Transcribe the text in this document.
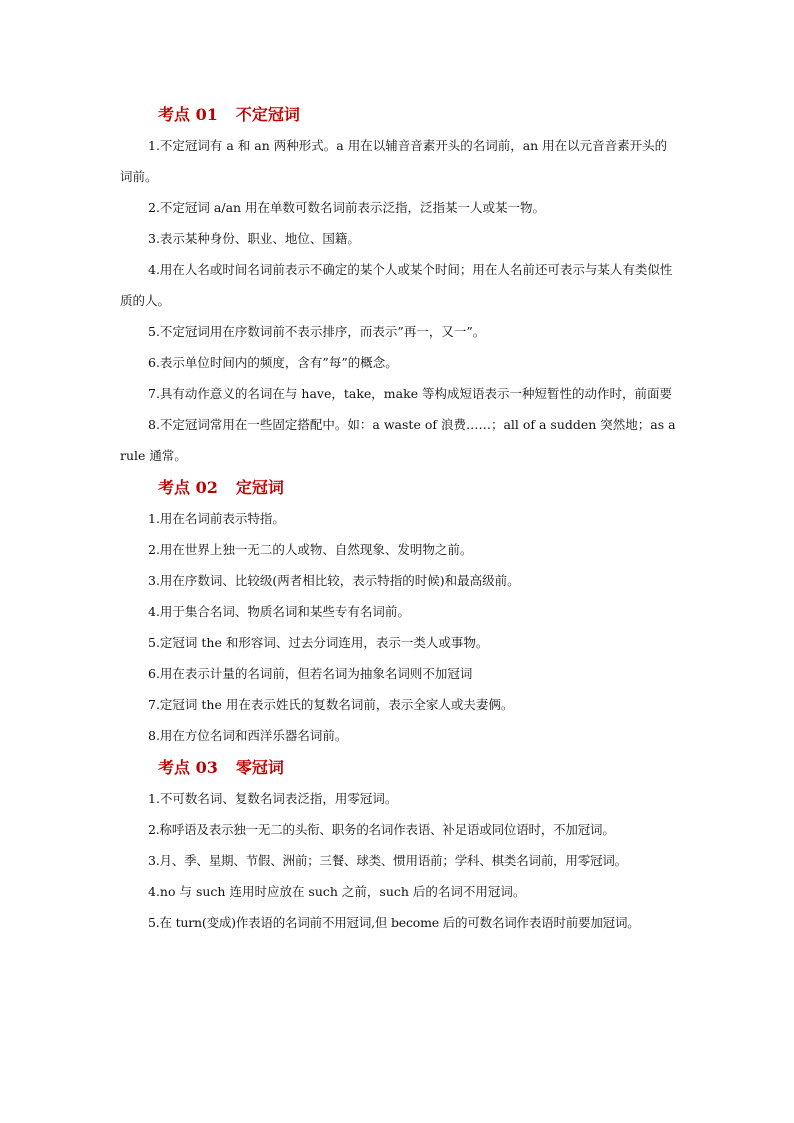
考点 01 不定冠词
1.不定冠词有 a 和 an 两种形式。a 用在以辅音音素开头的名词前，an 用在以元音音素开头的词前。
2.不定冠词 a/an 用在单数可数名词前表示泛指，泛指某一人或某一物。
3.表示某种身份、职业、地位、国籍。
4.用在人名或时间名词前表示不确定的某个人或某个时间；用在人名前还可表示与某人有类似性质的人。
5.不定冠词用在序数词前不表示排序，而表示”再一，又一”。
6.表示单位时间内的频度，含有”每”的概念。
7.具有动作意义的名词在与 have，take，make 等构成短语表示一种短暂性的动作时，前面要
8.不定冠词常用在一些固定搭配中。如：a waste of 浪费……；all of a sudden 突然地；as a rule 通常。
考点 02 定冠词
1.用在名词前表示特指。
2.用在世界上独一无二的人或物、自然现象、发明物之前。
3.用在序数词、比较级(两者相比较，表示特指的时候)和最高级前。
4.用于集合名词、物质名词和某些专有名词前。
5.定冠词 the 和形容词、过去分词连用，表示一类人或事物。
6.用在表示计量的名词前，但若名词为抽象名词则不加冠词
7.定冠词 the 用在表示姓氏的复数名词前，表示全家人或夫妻俩。
8.用在方位名词和西洋乐器名词前。
考点 03 零冠词
1.不可数名词、复数名词表泛指，用零冠词。
2.称呼语及表示独一无二的头衔、职务的名词作表语、补足语或同位语时，不加冠词。
3.月、季、星期、节假、洲前；三餐、球类、惯用语前；学科、棋类名词前，用零冠词。
4.no 与 such 连用时应放在 such 之前，such 后的名词不用冠词。
5.在 turn(变成)作表语的名词前不用冠词,但 become 后的可数名词作表语时前要加冠词。
